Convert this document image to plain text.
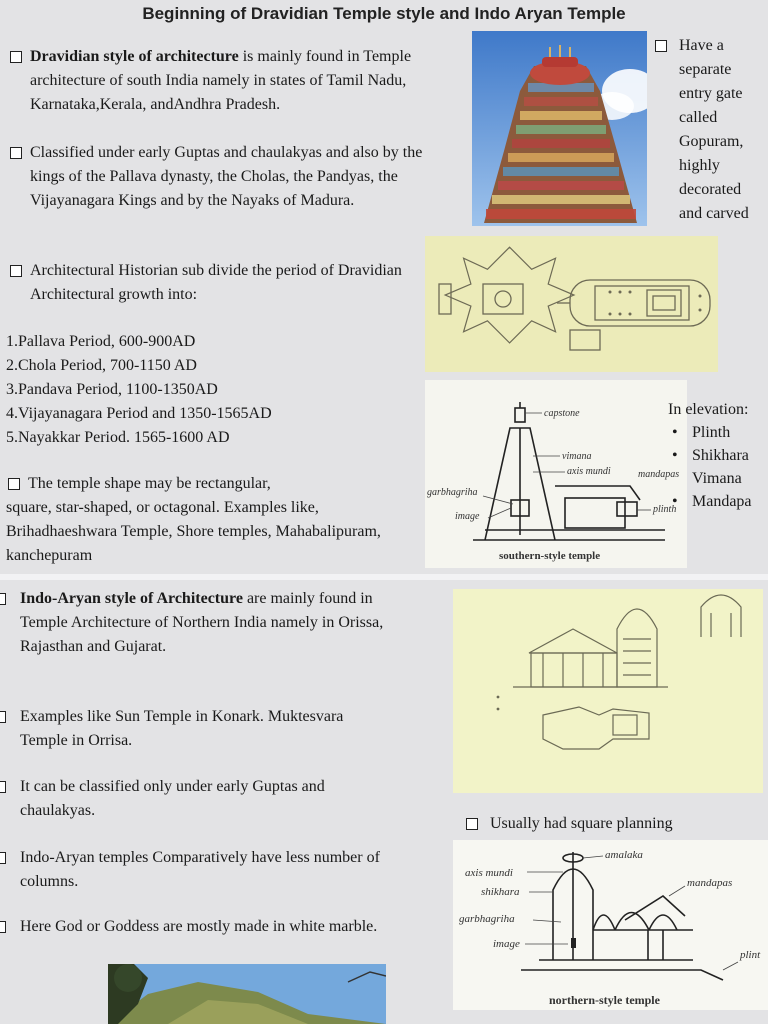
Beginning of Dravidian Temple style and Indo Aryan Temple
Dravidian style of architecture is mainly found in Temple architecture of south India namely in states of Tamil Nadu, Karnataka,Kerala, andAndhra Pradesh.
Classified under early Guptas and chaulakyas and also by the kings of the Pallava dynasty, the Cholas, the Pandyas, the Vijayanagara Kings and by the Nayaks of Madura.
Architectural Historian sub divide the period of Dravidian Architectural growth into:
1.Pallava Period, 600-900AD
2.Chola Period, 700-1150 AD
3.Pandava Period, 1100-1350AD
4.Vijayanagara Period and 1350-1565AD
5.Nayakkar Period. 1565-1600 AD
The temple shape may be rectangular,
square, star-shaped, or octagonal. Examples like, Brihadhaeshwara Temple, Shore temples, Mahabalipuram, kanchepuram
Have a separate entry gate called Gopuram, highly decorated and carved
capstone
vimana
axis mundi	mandapas
garbhagriha
image
plinth
southern-style temple
In elevation:
• Plinth
• Shikhara
Vimana
• Mandapa
Indo-Aryan style of Architecture are mainly found in Temple Architecture of Northern India namely in Orissa, Rajasthan and Gujarat.
Examples like Sun Temple in Konark. Muktesvara Temple in Orrisa.
It can be classified only under early Guptas and chaulakyas.
Indo-Aryan temples Comparatively have less number of columns.
Here God or Goddess are mostly made in white marble.
Usually had square planning
amalaka
axis mundi
shikhara
mandapas
garbhagriha
image
plint
northern-style temple
